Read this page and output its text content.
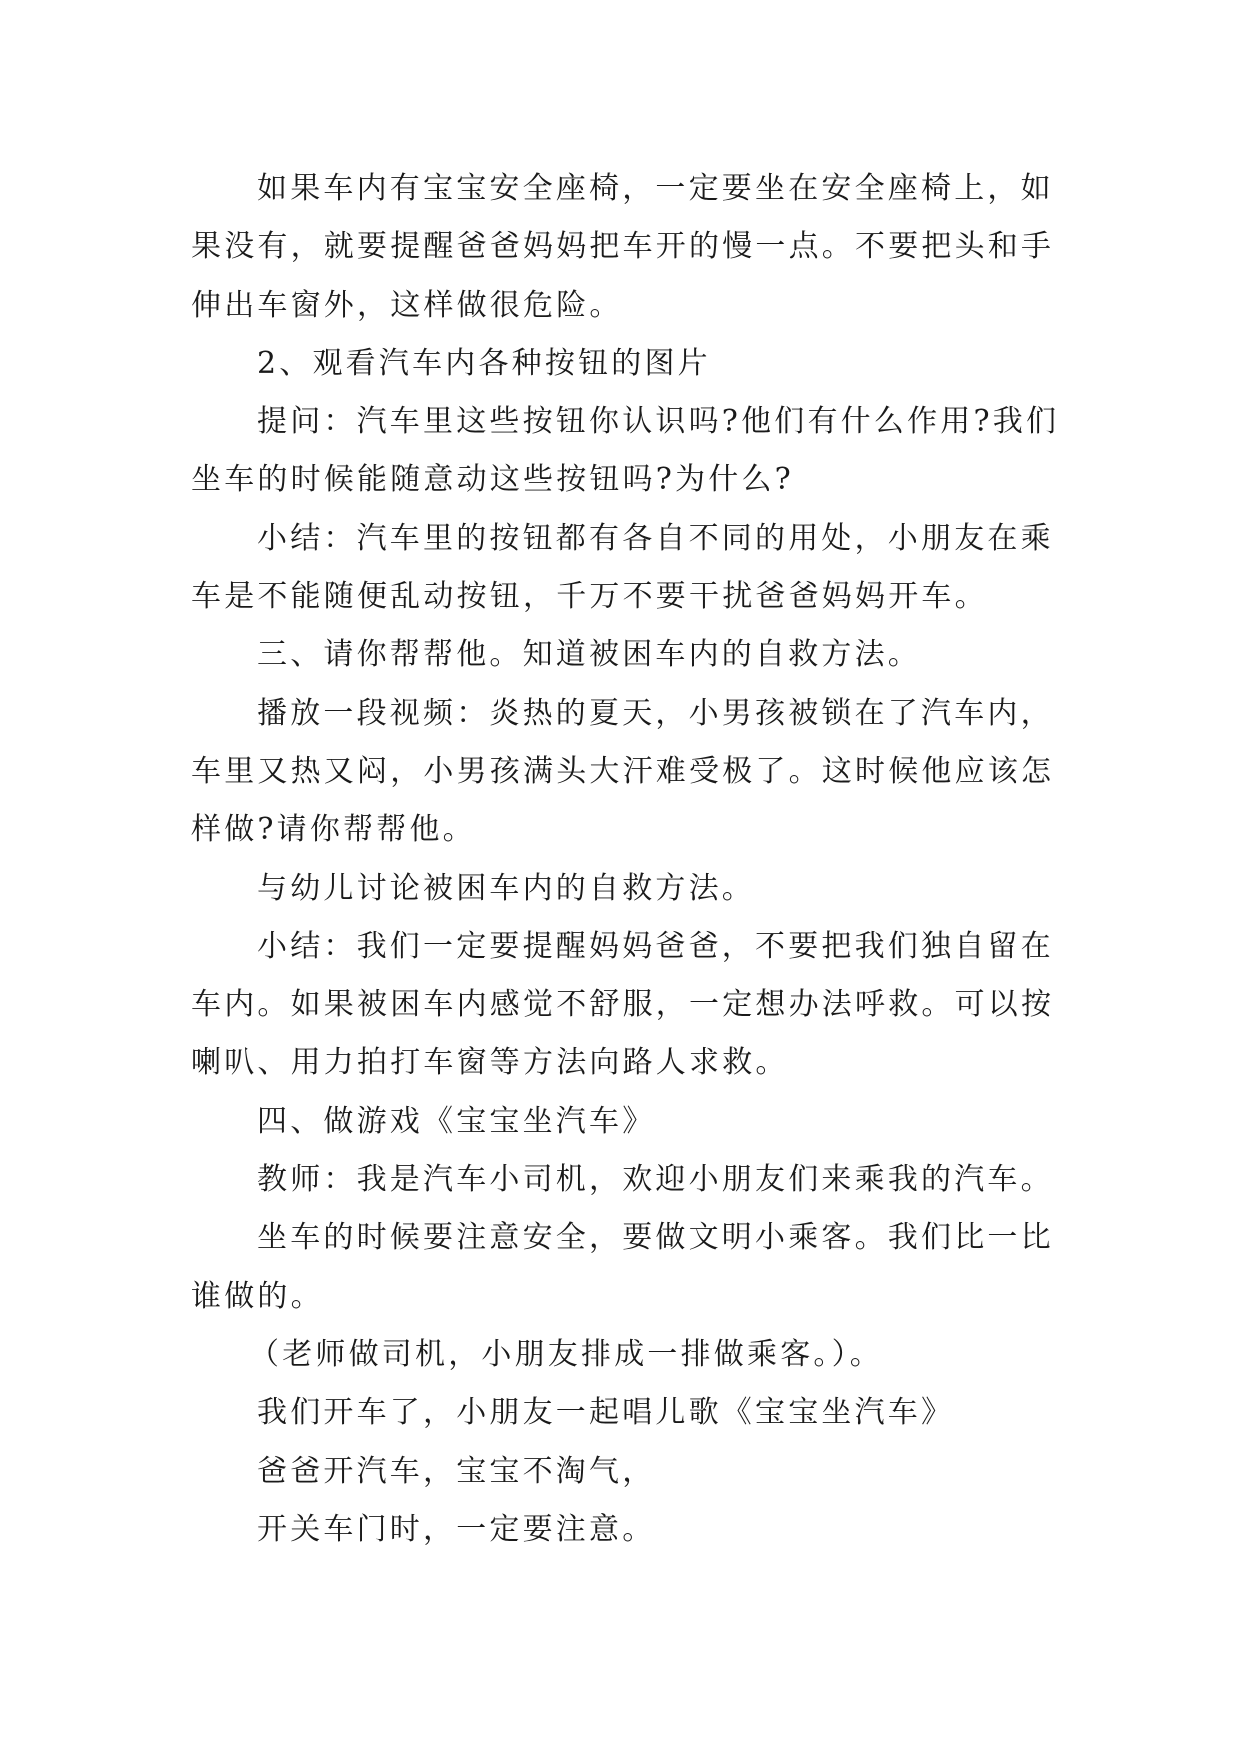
如果车内有宝宝安全座椅，一定要坐在安全座椅上，如果没有，就要提醒爸爸妈妈把车开的慢一点。不要把头和手伸出车窗外，这样做很危险。

2、观看汽车内各种按钮的图片

提问：汽车里这些按钮你认识吗?他们有什么作用?我们坐车的时候能随意动这些按钮吗?为什么?

小结：汽车里的按钮都有各自不同的用处，小朋友在乘车是不能随便乱动按钮，千万不要干扰爸爸妈妈开车。

三、请你帮帮他。知道被困车内的自救方法。

播放一段视频：炎热的夏天，小男孩被锁在了汽车内，车里又热又闷，小男孩满头大汗难受极了。这时候他应该怎样做?请你帮帮他。

与幼儿讨论被困车内的自救方法。

小结：我们一定要提醒妈妈爸爸，不要把我们独自留在车内。如果被困车内感觉不舒服，一定想办法呼救。可以按喇叭、用力拍打车窗等方法向路人求救。

四、做游戏《宝宝坐汽车》

教师：我是汽车小司机，欢迎小朋友们来乘我的汽车。

坐车的时候要注意安全，要做文明小乘客。我们比一比谁做的。

（老师做司机，小朋友排成一排做乘客。）。

我们开车了，小朋友一起唱儿歌《宝宝坐汽车》

爸爸开汽车，宝宝不淘气，

开关车门时，一定要注意。
